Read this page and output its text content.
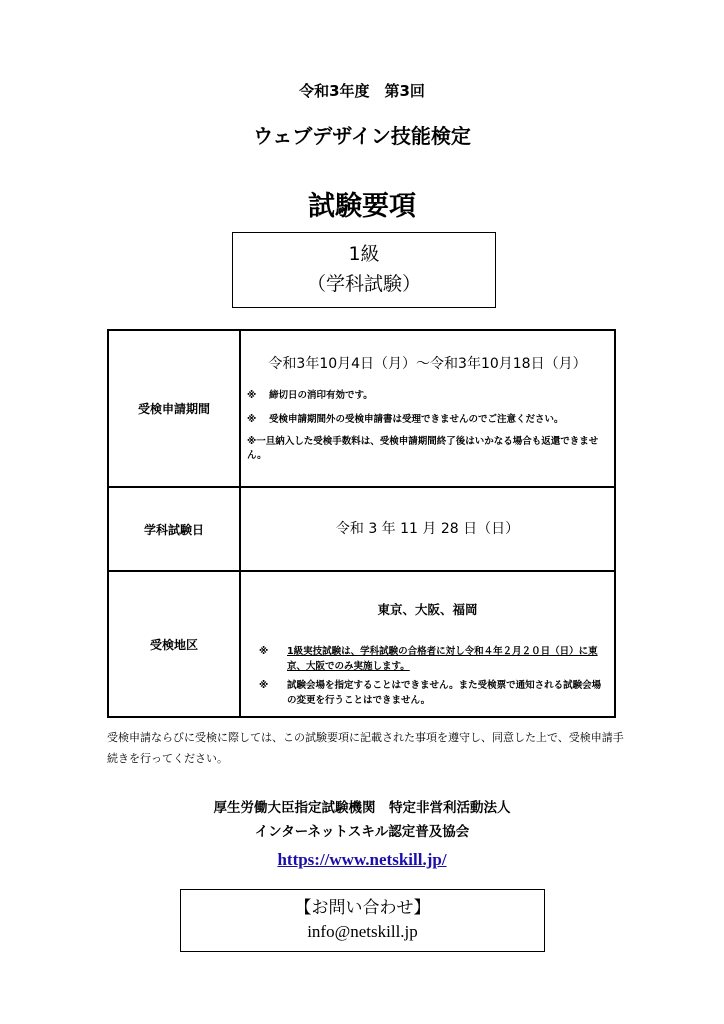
令和3年度　第3回
ウェブデザイン技能検定
試験要項
1級
（学科試験）
受検申請期間
令和3年10月4日（月）～令和3年10月18日（月）
※ 締切日の消印有効です。
※ 受検申請期間外の受検申請書は受理できませんのでご注意ください。
※一旦納入した受検手数料は、受検申請期間終了後はいかなる場合も返還できません。
学科試験日	令和 3 年 11 月 28 日（日）
受検地区
東京、大阪、福岡
※ 1級実技試験は、学科試験の合格者に対し令和４年２月２０日（日）に東京、大阪でのみ実施します。
※ 試験会場を指定することはできません。また受検票で通知される試験会場の変更を行うことはできません。
受検申請ならびに受検に際しては、この試験要項に記載された事項を遵守し、同意した上で、受検申請手続きを行ってください。
厚生労働大臣指定試験機関　特定非営利活動法人
インターネットスキル認定普及協会
https://www.netskill.jp/
【お問い合わせ】
info@netskill.jp
